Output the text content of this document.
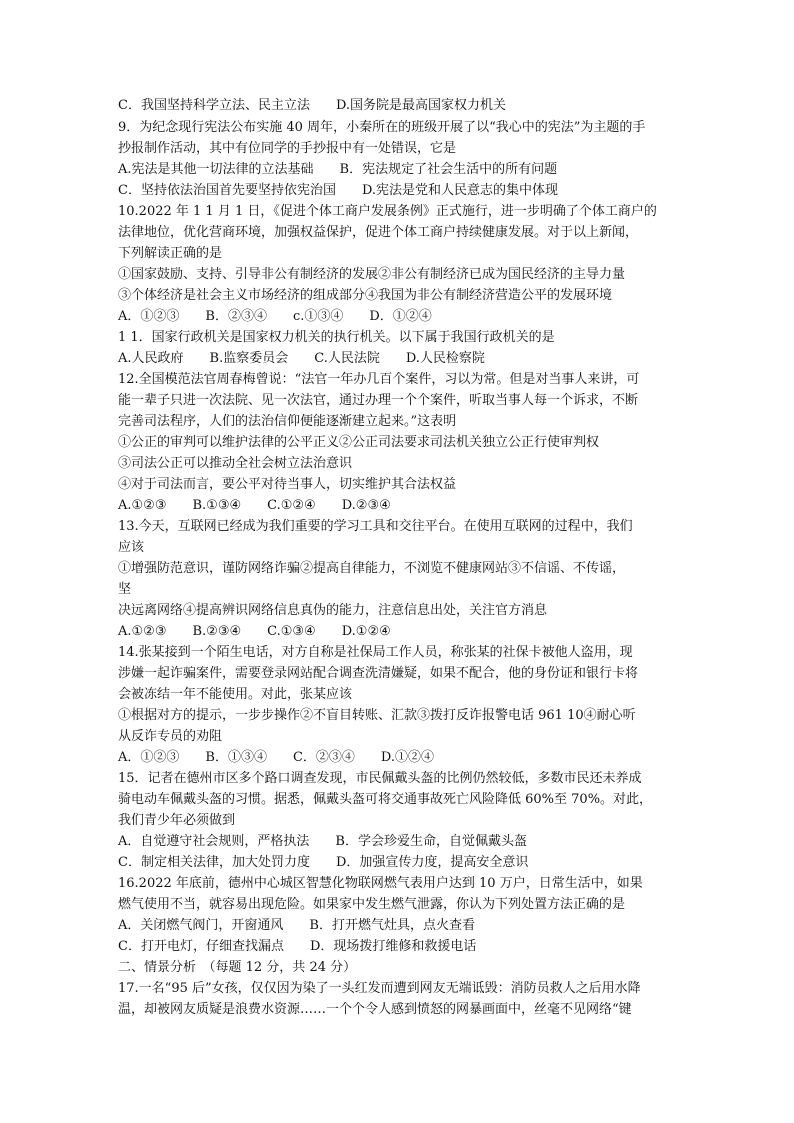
C．我国坚持科学立法、民主立法　　D.国务院是最高国家权力机关
9．为纪念现行宪法公布实施 40 周年，小秦所在的班级开展了以“我心中的宪法”为主题的手
抄报制作活动，其中有位同学的手抄报中有一处错误，它是
A.宪法是其他一切法律的立法基础　　B．宪法规定了社会生活中的所有问题
C．坚持依法治国首先要坚持依宪治国　　D.宪法是党和人民意志的集中体现
10.2022 年 1 1 月 1 日，《促进个体工商户发展条例》正式施行，进一步明确了个体工商户的
法律地位，优化营商环境，加强权益保护，促进个体工商户持续健康发展。对于以上新闻，
下列解读正确的是
①国家鼓励、支持、引导非公有制经济的发展②非公有制经济已成为国民经济的主导力量
③个体经济是社会主义市场经济的组成部分④我国为非公有制经济营造公平的发展环境
A．①②③　　B．②③④　　c.①③④　　D．①②④
1 1．国家行政机关是国家权力机关的执行机关。以下属于我国行政机关的是
A.人民政府　　B.监察委员会　　C.人民法院　　D.人民检察院
12.全国模范法官周春梅曾说：“法官一年办几百个案件，习以为常。但是对当事人来讲，可
能一辈子只进一次法院、见一次法官，通过办理一个个案件，听取当事人每一个诉求，不断
完善司法程序，人们的法治信仰便能逐渐建立起来。”这表明
①公正的审判可以维护法律的公平正义②公正司法要求司法机关独立公正行使审判权
③司法公正可以推动全社会树立法治意识
④对于司法而言，要公平对待当事人，切实维护其合法权益
A.①②③　　B.①③④　　C.①②④　　D.②③④
13.今天，互联网已经成为我们重要的学习工具和交往平台。在使用互联网的过程中，我们
应该
①增强防范意识，谨防网络诈骗②提高自律能力，不浏览不健康网站③不信谣、不传谣，
坚
决远离网络④提高辨识网络信息真伪的能力，注意信息出处，关注官方消息
A.①②③　　B.②③④　　C.①③④　　D.①②④
14.张某接到一个陌生电话，对方自称是社保局工作人员，称张某的社保卡被他人盗用，现
涉嫌一起诈骗案件，需要登录网站配合调查洗清嫌疑，如果不配合，他的身份证和银行卡将
会被冻结一年不能使用。对此，张某应该
①根据对方的提示，一步步操作②不盲目转账、汇款③拨打反诈报警电话 961 10④耐心听
从反诈专员的劝阻
A．①②③　　B．①③④　　C．②③④　　D.①②④
15．记者在德州市区多个路口调查发现，市民佩戴头盔的比例仍然较低，多数市民还未养成
骑电动车佩戴头盔的习惯。据悉，佩戴头盔可将交通事故死亡风险降低 60%至 70%。对此，
我们青少年必须做到
A．自觉遵守社会规则，严格执法　　B．学会珍爱生命，自觉佩戴头盔
C．制定相关法律，加大处罚力度　　D．加强宣传力度，提高安全意识
16.2022 年底前，德州中心城区智慧化物联网燃气表用户达到 10 万户，日常生活中，如果
燃气使用不当，就容易出现危险。如果家中发生燃气泄露，你认为下列处置方法正确的是
A．关闭燃气阀门，开窗通风　　B．打开燃气灶具，点火查看
C．打开电灯，仔细查找漏点　　D．现场拨打维修和救援电话
二、情景分析　（每题 12 分，共 24 分）
17.一名“95 后”女孩，仅仅因为染了一头红发而遭到网友无端诋毁：消防员救人之后用水降
温，却被网友质疑是浪费水资源……一个个令人感到愤怒的网暴画面中，丝毫不见网络“键
